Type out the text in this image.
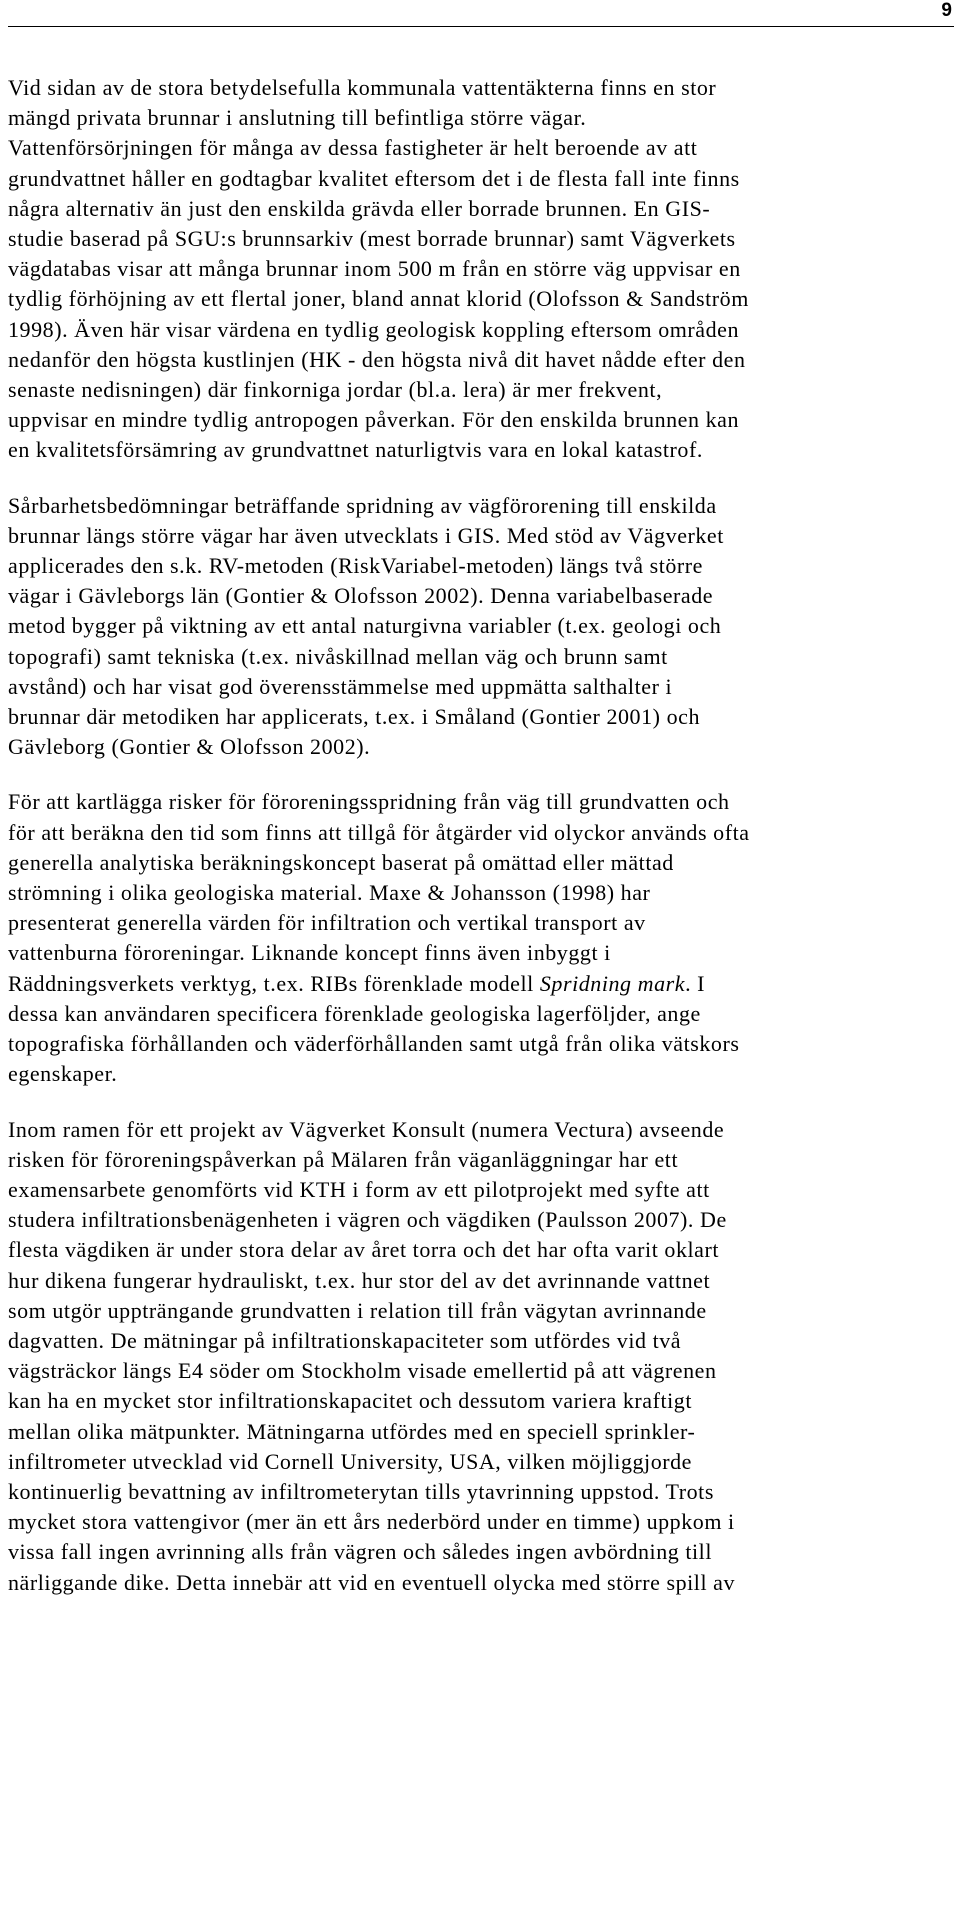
9

Vid sidan av de stora betydelsefulla kommunala vattentäkterna finns en stor
mängd privata brunnar i anslutning till befintliga större vägar.
Vattenförsörjningen för många av dessa fastigheter är helt beroende av att
grundvattnet håller en godtagbar kvalitet eftersom det i de flesta fall inte finns
några alternativ än just den enskilda grävda eller borrade brunnen. En GIS-
studie baserad på SGU:s brunnsarkiv (mest borrade brunnar) samt Vägverkets
vägdatabas visar att många brunnar inom 500 m från en större väg uppvisar en
tydlig förhöjning av ett flertal joner, bland annat klorid (Olofsson & Sandström
1998). Även här visar värdena en tydlig geologisk koppling eftersom områden
nedanför den högsta kustlinjen (HK - den högsta nivå dit havet nådde efter den
senaste nedisningen) där finkorniga jordar (bl.a. lera) är mer frekvent,
uppvisar en mindre tydlig antropogen påverkan. För den enskilda brunnen kan
en kvalitetsförsämring av grundvattnet naturligtvis vara en lokal katastrof.

Sårbarhetsbedömningar beträffande spridning av vägförorening till enskilda
brunnar längs större vägar har även utvecklats i GIS. Med stöd av Vägverket
applicerades den s.k. RV-metoden (RiskVariabel-metoden) längs två större
vägar i Gävleborgs län (Gontier & Olofsson 2002). Denna variabelbaserade
metod bygger på viktning av ett antal naturgivna variabler (t.ex. geologi och
topografi) samt tekniska (t.ex. nivåskillnad mellan väg och brunn samt
avstånd) och har visat god överensstämmelse med uppmätta salthalter i
brunnar där metodiken har applicerats, t.ex. i Småland (Gontier 2001) och
Gävleborg (Gontier & Olofsson 2002).

För att kartlägga risker för föroreningsspridning från väg till grundvatten och
för att beräkna den tid som finns att tillgå för åtgärder vid olyckor används ofta
generella analytiska beräkningskoncept baserat på omättad eller mättad
strömning i olika geologiska material. Maxe & Johansson (1998) har
presenterat generella värden för infiltration och vertikal transport av
vattenburna föroreningar. Liknande koncept finns även inbyggt i
Räddningsverkets verktyg, t.ex. RIBs förenklade modell Spridning mark. I
dessa kan användaren specificera förenklade geologiska lagerföljder, ange
topografiska förhållanden och väderförhållanden samt utgå från olika vätskors
egenskaper.

Inom ramen för ett projekt av Vägverket Konsult (numera Vectura) avseende
risken för föroreningspåverkan på Mälaren från väganläggningar har ett
examensarbete genomförts vid KTH i form av ett pilotprojekt med syfte att
studera infiltrationsbenägenheten i vägren och vägdiken (Paulsson 2007). De
flesta vägdiken är under stora delar av året torra och det har ofta varit oklart
hur dikena fungerar hydrauliskt, t.ex. hur stor del av det avrinnande vattnet
som utgör uppträngande grundvatten i relation till från vägytan avrinnande
dagvatten. De mätningar på infiltrationskapaciteter som utfördes vid två
vägsträckor längs E4 söder om Stockholm visade emellertid på att vägrenen
kan ha en mycket stor infiltrationskapacitet och dessutom variera kraftigt
mellan olika mätpunkter. Mätningarna utfördes med en speciell sprinkler-
infiltrometer utvecklad vid Cornell University, USA, vilken möjliggjorde
kontinuerlig bevattning av infiltrometerytan tills ytavrinning uppstod. Trots
mycket stora vattengivor (mer än ett års nederbörd under en timme) uppkom i
vissa fall ingen avrinning alls från vägren och således ingen avbördning till
närliggande dike. Detta innebär att vid en eventuell olycka med större spill av
